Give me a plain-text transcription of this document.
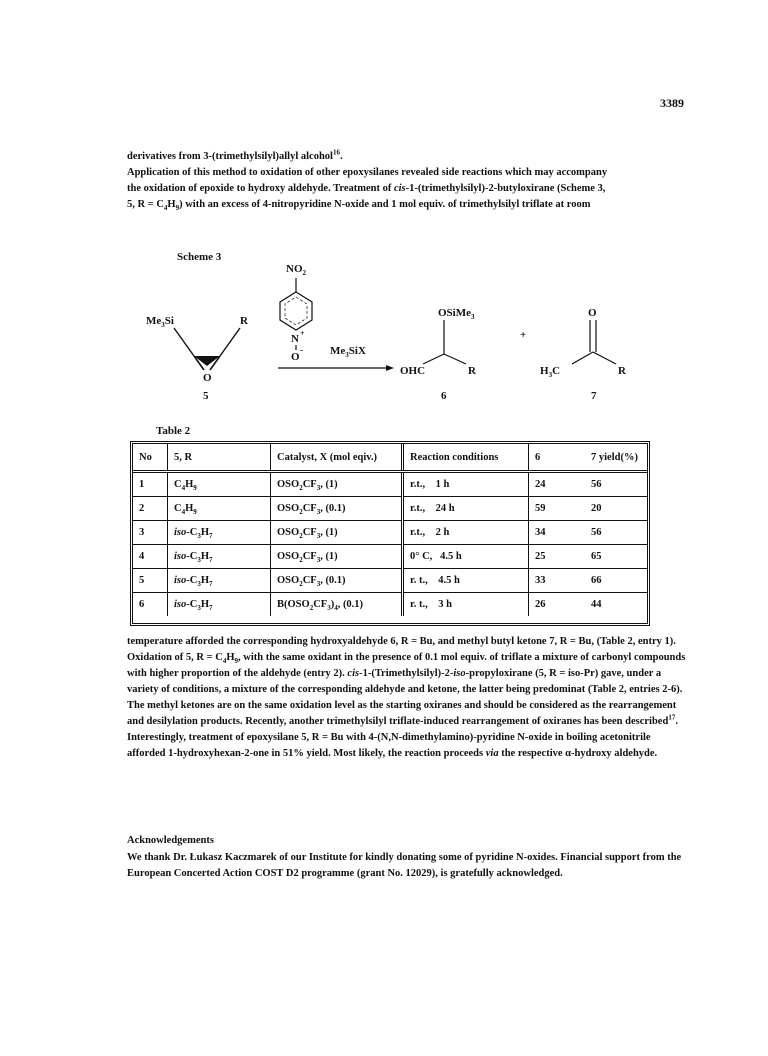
3389

derivatives from 3-(trimethylsilyl)allyl alcohol$^{16}$.

Application of this method to oxidation of other epoxysilanes revealed side reactions which may accompany

the oxidation of epoxide to hydroxy aldehyde. Treatment of cis-1-(trimethylsilyl)-2-butyloxirane (Scheme 3,

5, $R = C_4H_9$) with an excess of 4-nitropyridine N-oxide and 1 mol equiv. of trimethylsilyl triflate at room

Scheme 3
$Me_3Si$	R
O
5
$NO_2$
N +
O
- $Me_3SiX$
OSiMe$_3$
OHC	R
6
+
O
$H_3C$	R
7
Table 2
No	5, R	Catalyst, X (mol eqiv.)	Reaction conditions	6	7 yield(%)
1	$C_4H_9$	$OSO_2CF_3$, (1)	r.t.,    1 h	24	56
2	$C_4H_9$	$OSO_2CF_3$, (0.1)	r.t.,    24 h	59	20
3	iso-$C_3H_7$	$OSO_2CF_3$, (1)	r.t.,    2 h	34	56
4	iso-$C_3H_7$	$OSO_2CF_3$, (1)	0° C,   4.5 h	25	65
5	iso-$C_3H_7$	$OSO_2CF_3$, (0.1)	r. t.,    4.5 h	33	66
6	iso-$C_3H_7$	$B(OSO_2CF_3)_4$, (0.1)	r. t.,    3 h	26	44

temperature afforded the corresponding hydroxyaldehyde 6, R = Bu, and methyl butyl ketone 7, R = Bu, (Table 2, entry 1). Oxidation of 5, $R = C_4H_9$, with the same oxidant in the presence of 0.1 mol equiv. of triflate a mixture of carbonyl compounds with higher proportion of the aldehyde (entry 2). cis-1-(Trimethylsilyl)-2-iso-propyloxirane (5, R = iso-Pr) gave, under a variety of conditions, a mixture of the corresponding aldehyde and ketone, the latter being predominat (Table 2, entries 2-6). The methyl ketones are on the same oxidation level as the starting oxiranes and should be considered as the rearrangement and desilylation products. Recently, another trimethylsilyl triflate-induced rearrangement of oxiranes has been described$^{17}$.

Interestingly, treatment of epoxysilane 5, R = Bu with 4-(N,N-dimethylamino)-pyridine N-oxide in boiling acetonitrile afforded 1-hydroxyhexan-2-one in 51% yield. Most likely, the reaction proceeds via the respective α-hydroxy aldehyde.

Acknowledgements
We thank Dr. Łukasz Kaczmarek of our Institute for kindly donating some of pyridine N-oxides. Financial support from the European Concerted Action COST D2 programme (grant No. 12029), is gratefully acknowledged.
